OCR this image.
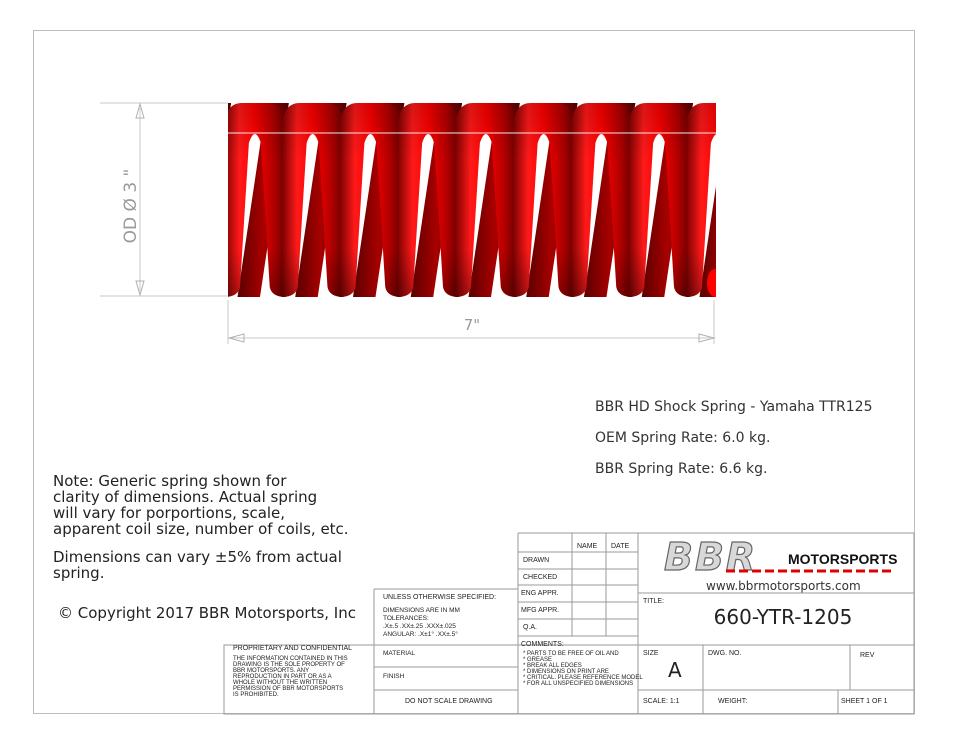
OD Ø 3 "
7"
BBR
BBR HD Shock Spring - Yamaha TTR125
OEM Spring Rate: 6.0 kg.
BBR Spring Rate: 6.6 kg.

Note: Generic spring shown for

clarity of dimensions. Actual spring

will vary for porportions, scale,

apparent coil size, number of coils, etc.

Dimensions can vary ±5% from actual

spring.

© Copyright 2017 BBR Motorsports, Inc
PROPRIETARY AND CONFIDENTIAL
THE INFORMATION CONTAINED IN THIS
DRAWING IS THE SOLE PROPERTY OF
BBR MOTORSPORTS. ANY
REPRODUCTION IN PART OR AS A
WHOLE WITHOUT THE WRITTEN
PERMISSION OF BBR MOTORSPORTS
IS PROHIBITED.
UNLESS OTHERWISE SPECIFIED:
DIMENSIONS ARE IN MM
TOLERANCES:
.X±.5 .XX±.25 .XXX±.025
ANGULAR: .X±1° .XX±.5°
MATERIAL
FINISH
DO NOT SCALE DRAWING
NAME DATE
DRAWN
CHECKED
ENG APPR.
MFG APPR.
Q.A.
COMMENTS:
* PARTS TO BE FREE OF OIL AND
* GREASE
* BREAK ALL EDGES
* DIMENSIONS ON PRINT ARE
* CRITICAL. PLEASE REFERENCE MODEL
* FOR ALL UNSPECIFIED DIMENSIONS
MOTORSPORTS
www.bbrmotorsports.com
TITLE:
660-YTR-1205
SIZE
A
DWG. NO.	REV
SCALE: 1:1	WEIGHT:	SHEET 1 OF 1
